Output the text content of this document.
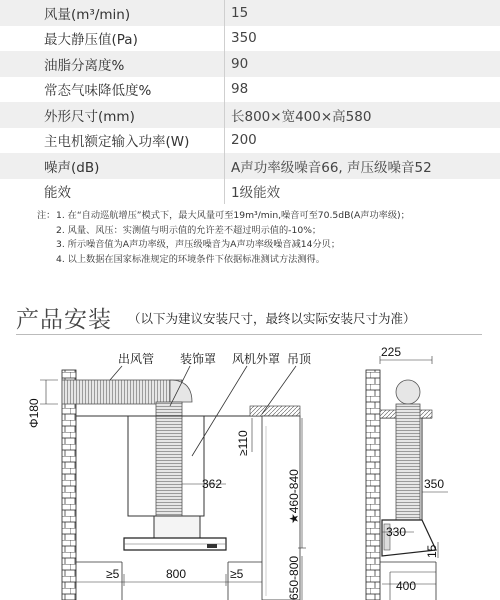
风量(m³/min)	15
最大静压值(Pa)	350
油脂分离度%	90
常态气味降低度%	98
外形尺寸(mm)	长800×宽400×高580
主电机额定输入功率(W)	200
噪声(dB)	A声功率级噪音66, 声压级噪音52
能效	1级能效
注： 1. 在“自动巡航增压”模式下，最大风量可至19m³/min,噪音可至70.5dB(A声功率级)；
2. 风量、风压：实测值与明示值的允许差不超过明示值的-10%；
3. 所示噪音值为A声功率级，声压级噪音为A声功率级噪音减14分贝；
4. 以上数据在国家标准规定的环境条件下依据标准测试方法测得。
产品安装 （以下为建议安装尺寸，最终以实际安装尺寸为准）
出风管 装饰罩 风机外罩 吊顶
Φ180
≥110
362	★460-840
≥5	800	≥5	650-800
225
350
330
15
400
